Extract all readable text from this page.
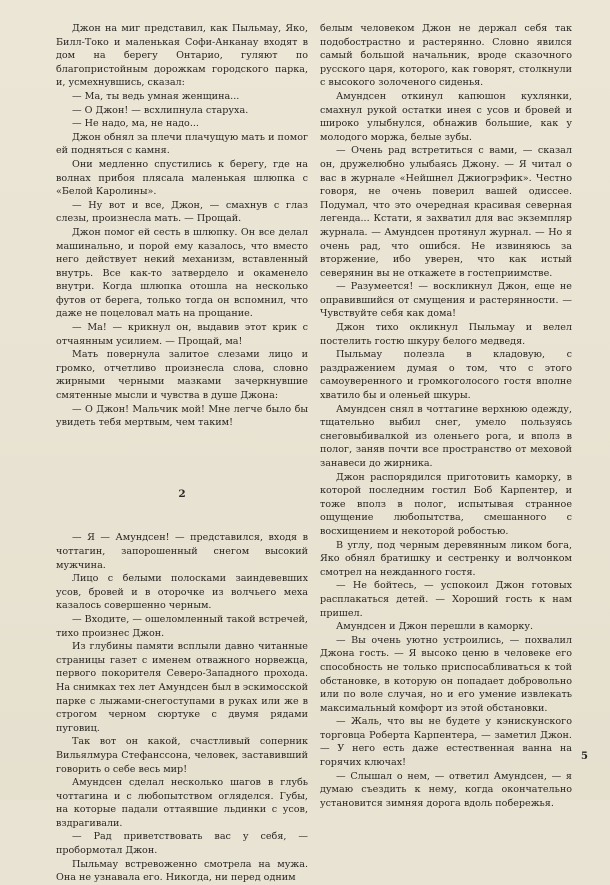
Джон на миг представил, как Пыльмау, Яко, Билл-Токо и маленькая Софи-Анканау входят в дом на берегу Онтарио, гуляют по благопристойным дорожкам городского парка, и, усмехнувшись, сказал:

— Ма, ты ведь умная женщина...

— О Джон! — всхлипнула старуха.

— Не надо, ма, не надо...

Джон обнял за плечи плачущую мать и помог ей подняться с камня.

Они медленно спустились к берегу, где на волнах прибоя плясала маленькая шлюпка с «Белой Каролины».

— Ну вот и все, Джон, — смахнув с глаз слезы, произнесла мать. — Прощай.

Джон помог ей сесть в шлюпку. Он все делал машинально, и порой ему казалось, что вместо него действует некий механизм, вставленный внутрь. Все как-то затвердело и окаменело внутри. Когда шлюпка отошла на несколько футов от берега, только тогда он вспомнил, что даже не поцеловал мать на прощание.

— Ма! — крикнул он, выдавив этот крик с отчаянным усилием. — Прощай, ма!

Мать повернула залитое слезами лицо и громко, отчетливо произнесла слова, словно жирными черными мазками зачеркнувшие смятенные мысли и чувства в душе Джона:

— О Джон! Мальчик мой! Мне легче было бы увидеть тебя мертвым, чем таким!

2

— Я — Амундсен! — представился, входя в чоттагин, запорошенный снегом высокий мужчина.

Лицо с белыми полосками заиндевевших усов, бровей и в оторочке из волчьего меха казалось совершенно черным.

— Входите, — ошеломленный такой встречей, тихо произнес Джон.

Из глубины памяти всплыли давно читанные страницы газет с именем отважного норвежца, первого покорителя Северо-Западного прохода. На снимках тех лет Амундсен был в эскимосской парке с лыжами-снегоступами в руках или же в строгом черном сюртуке с двумя рядами пуговиц.

Так вот он какой, счастливый соперник Вильялмура Стефанссона, человек, заставивший говорить о себе весь мир!

Амундсен сделал несколько шагов в глубь чоттагина и с любопытством огляделся. Губы, на которые падали оттаявшие льдинки с усов, вздрагивали.

— Рад приветствовать вас у себя, — пробормотал Джон.

Пыльмау встревоженно смотрела на мужа. Она не узнавала его. Никогда, ни перед одним

белым человеком Джон не держал себя так подобострастно и растерянно. Словно явился самый большой начальник, вроде сказочного русского царя, которого, как говорят, столкнули с высокого золоченого сиденья.

Амундсен откинул капюшон кухлянки, смахнул рукой остатки инея с усов и бровей и широко улыбнулся, обнажив большие, как у молодого моржа, белые зубы.

— Очень рад встретиться с вами, — сказал он, дружелюбно улыбаясь Джону. — Я читал о вас в журнале «Нейшнел Джиогрэфик». Честно говоря, не очень поверил вашей одиссее. Подумал, что это очередная красивая северная легенда... Кстати, я захватил для вас экземпляр журнала. — Амундсен протянул журнал. — Но я очень рад, что ошибся. Не извиняюсь за вторжение, ибо уверен, что как истый северянин вы не откажете в гостеприимстве.

— Разумеется! — воскликнул Джон, еще не оправившийся от смущения и растерянности. — Чувствуйте себя как дома!

Джон тихо окликнул Пыльмау и велел постелить гостю шкуру белого медведя.

Пыльмау полезла в кладовую, с раздражением думая о том, что с этого самоуверенного и громкоголосого гостя вполне хватило бы и оленьей шкуры.

Амундсен снял в чоттагине верхнюю одежду, тщательно выбил снег, умело пользуясь снеговыбивалкой из оленьего рога, и вполз в полог, заняв почти все пространство от меховой занавеси до жирника.

Джон распорядился приготовить каморку, в которой последним гостил Боб Карпентер, и тоже вполз в полог, испытывая странное ощущение любопытства, смешанного с восхищением и некоторой робостью.

В углу, под черным деревянным ликом бога, Яко обнял братишку и сестренку и волчонком смотрел на нежданного гостя.

— Не бойтесь, — успокоил Джон готовых расплакаться детей. — Хороший гость к нам пришел.

Амундсен и Джон перешли в каморку.

— Вы очень уютно устроились, — похвалил Джона гость. — Я высоко ценю в человеке его способность не только приспосабливаться к той обстановке, в которую он попадает добровольно или по воле случая, но и его умение извлекать максимальный комфорт из этой обстановки.

— Жаль, что вы не будете у кэнискунского торговца Роберта Карпентера, — заметил Джон. — У него есть даже естественная ванна на горячих ключах!

— Слышал о нем, — ответил Амундсен, — я думаю съездить к нему, когда окончательно установится зимняя дорога вдоль побережья.

5
